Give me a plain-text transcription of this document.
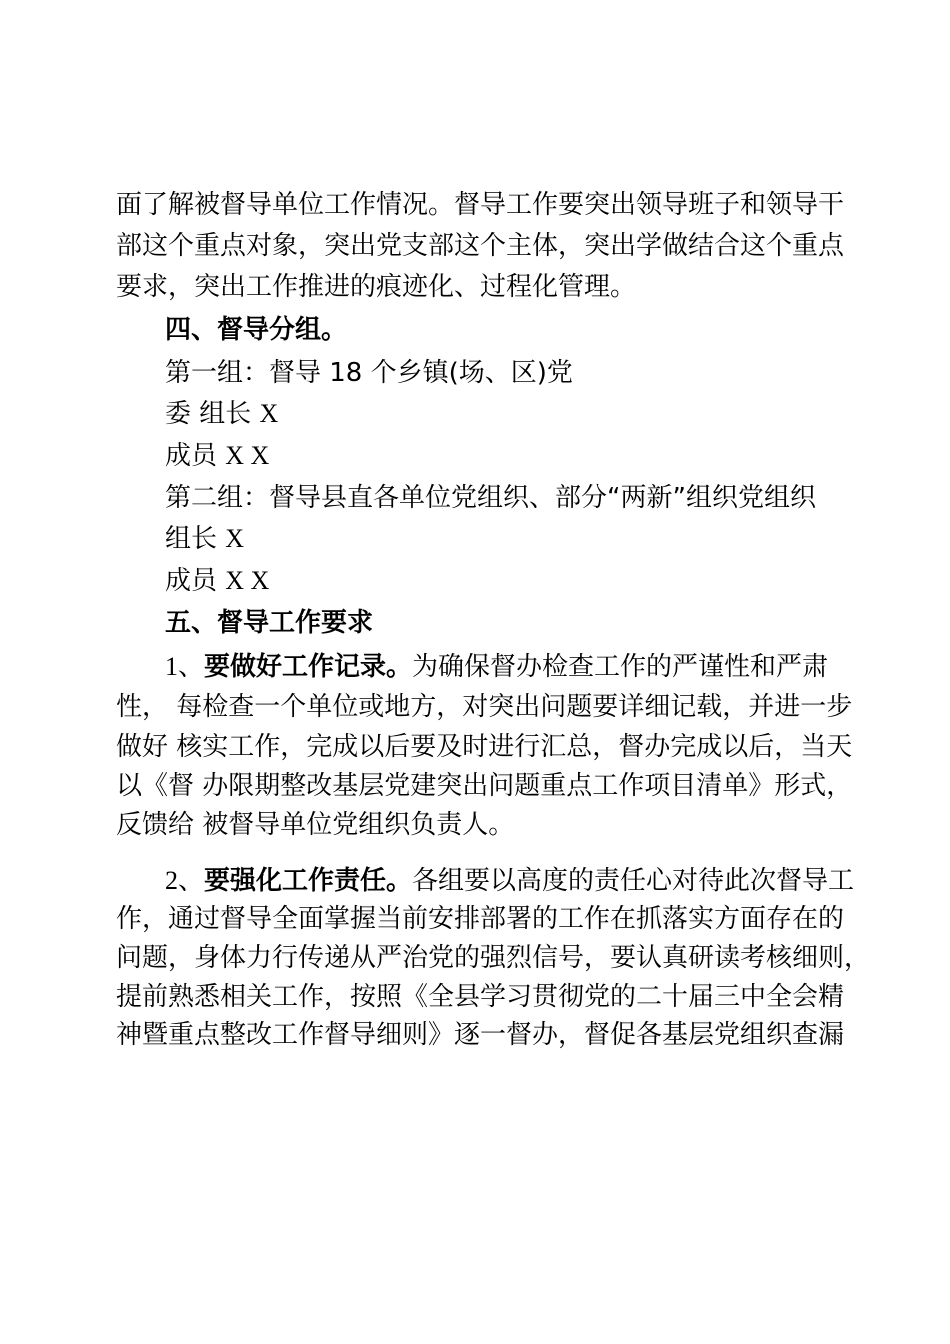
面了解被督导单位工作情况。督导工作要突出领导班子和领导干

部这个重点对象，突出党支部这个主体，突出学做结合这个重点

要求，突出工作推进的痕迹化、过程化管理。

四、督导分组。

第一组：督导 18 个乡镇(场、区)党

委 组长 X

成员 X X

第二组：督导县直各单位党组织、部分“两新”组织党组织

组长 X

成员 X X

五、督导工作要求

1、要做好工作记录。为确保督办检查工作的严谨性和严肃

性， 每检查一个单位或地方，对突出问题要详细记载，并进一步

做好 核实工作，完成以后要及时进行汇总，督办完成以后，当天

以《督 办限期整改基层党建突出问题重点工作项目清单》形式，

反馈给 被督导单位党组织负责人。

2、要强化工作责任。各组要以高度的责任心对待此次督导工

作，通过督导全面掌握当前安排部署的工作在抓落实方面存在的

问题，身体力行传递从严治党的强烈信号，要认真研读考核细则，

提前熟悉相关工作，按照《全县学习贯彻党的二十届三中全会精

神暨重点整改工作督导细则》逐一督办，督促各基层党组织查漏
